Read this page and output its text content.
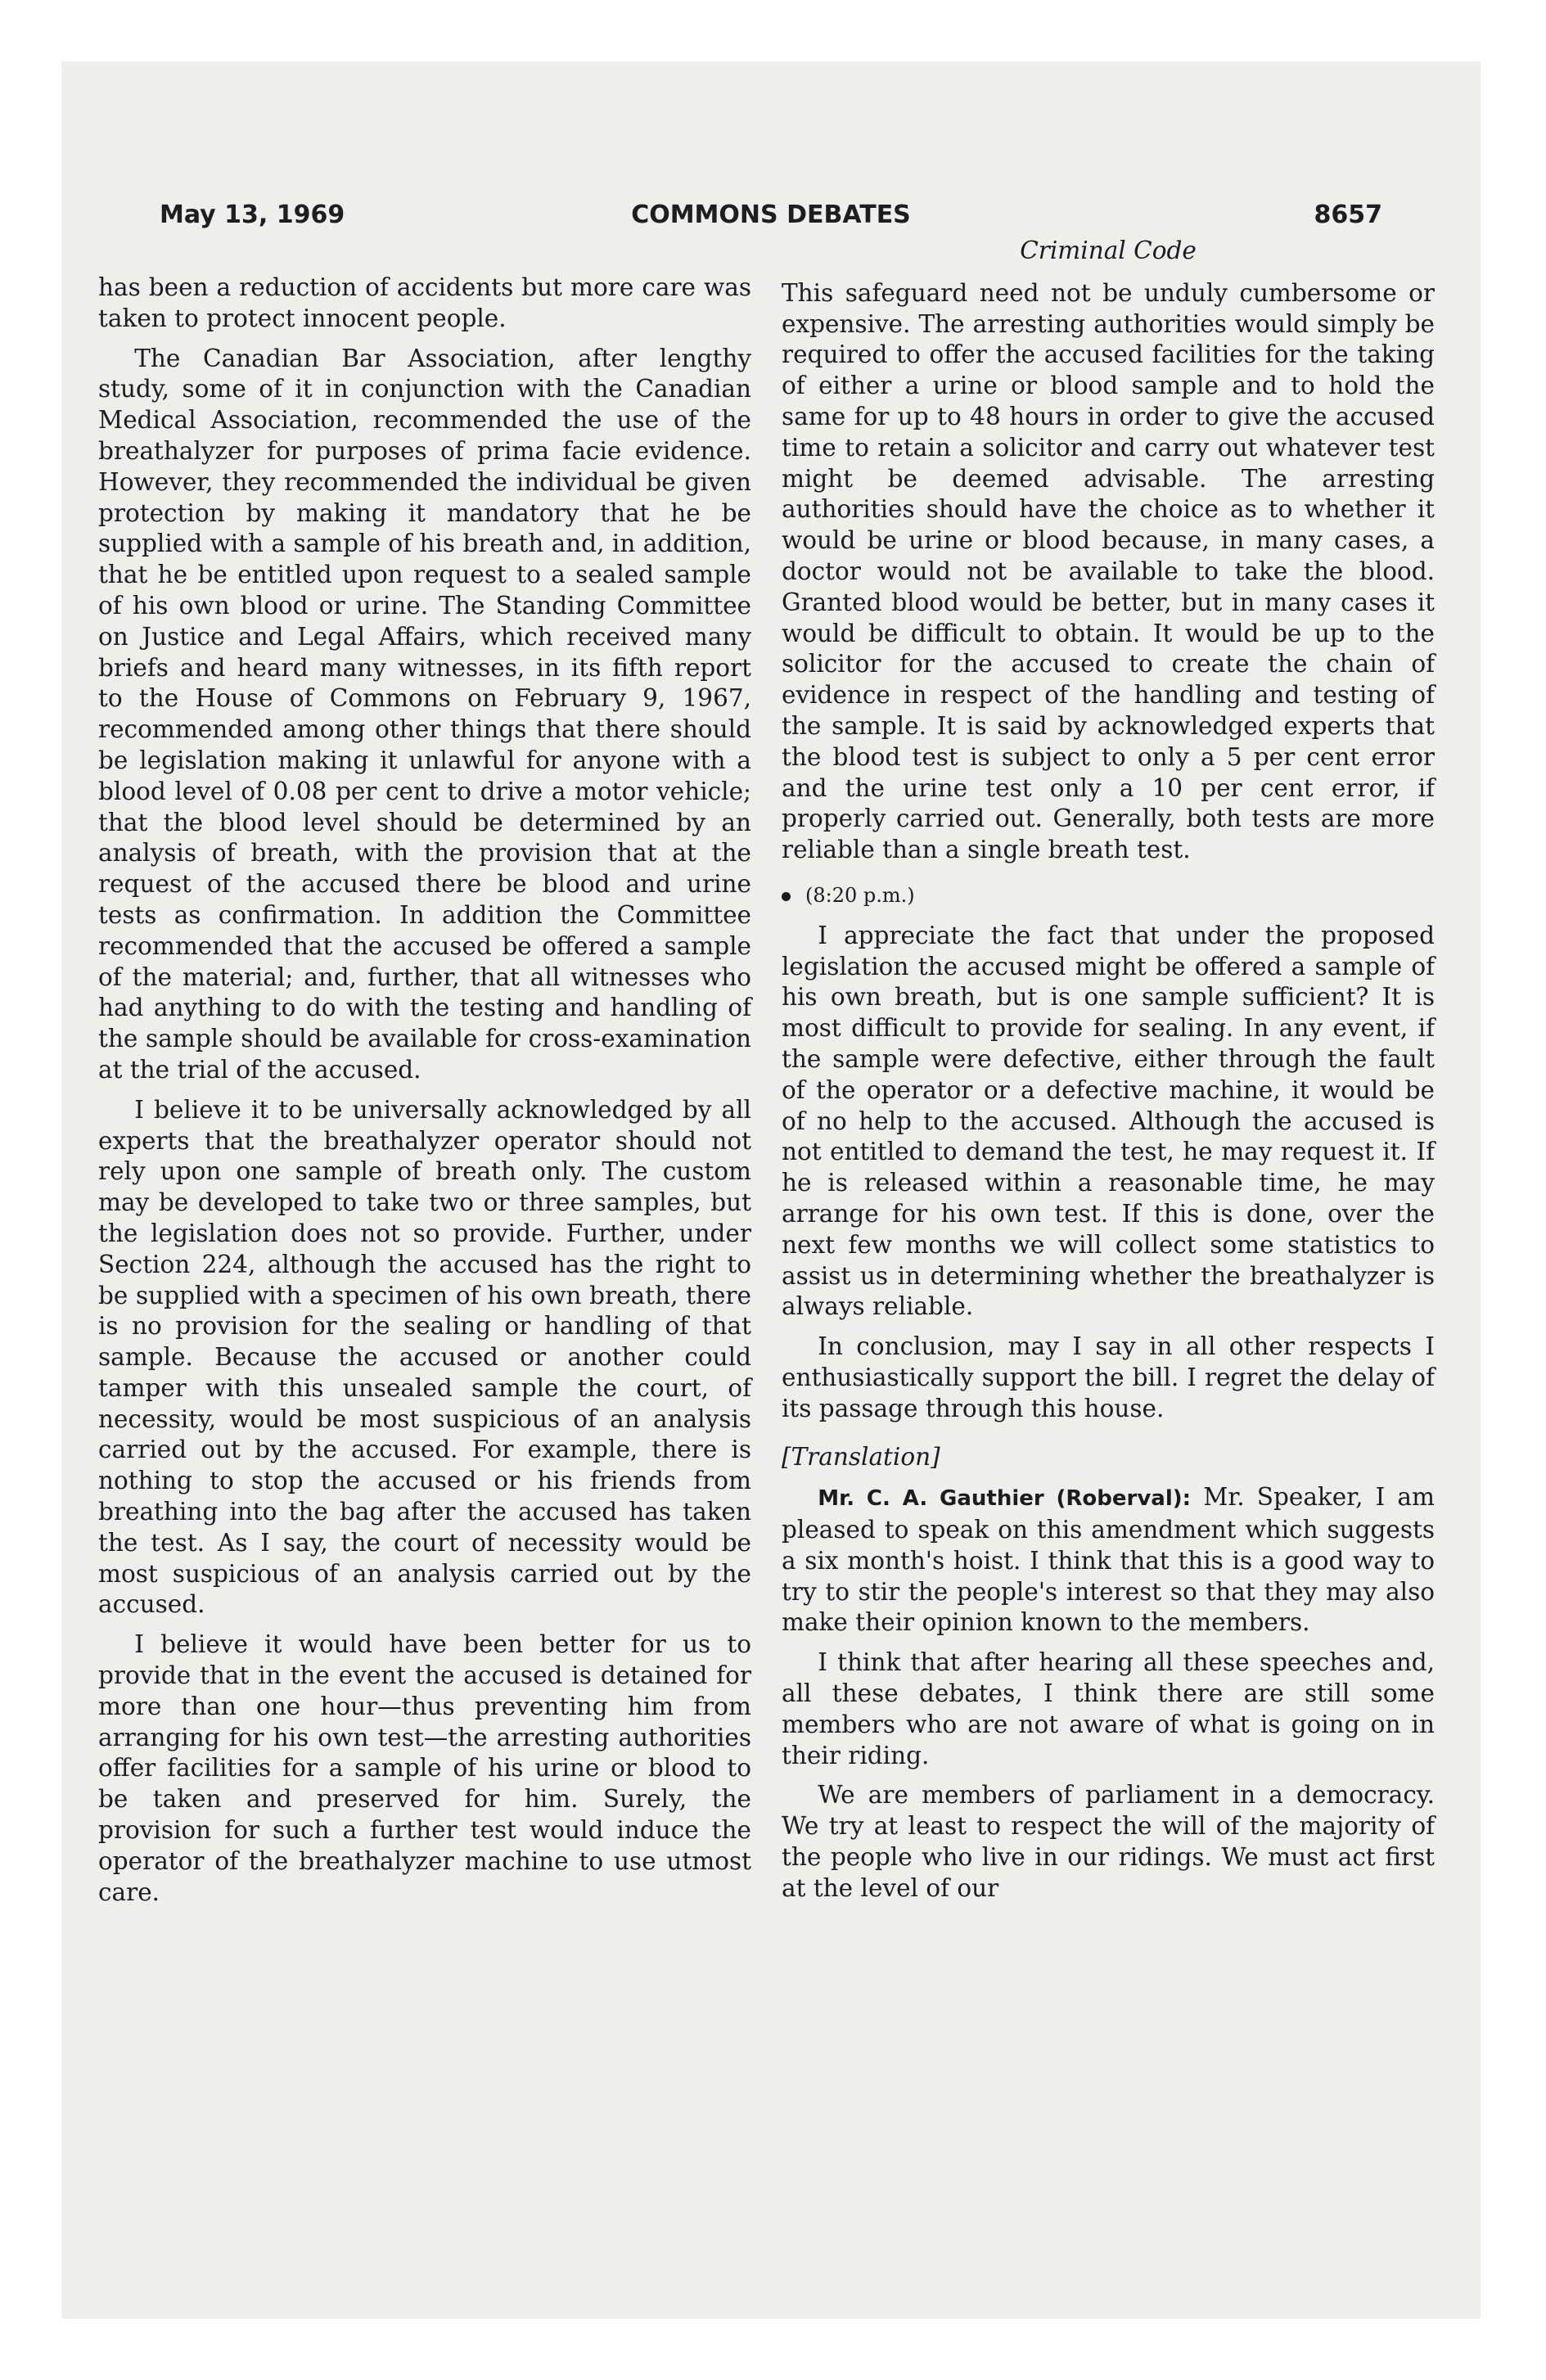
May 13, 1969	COMMONS DEBATES	8657

has been a reduction of accidents but more care was taken to protect innocent people.

The Canadian Bar Association, after lengthy study, some of it in conjunction with the Canadian Medical Association, recommended the use of the breathalyzer for purposes of prima facie evidence. However, they recommended the individual be given protection by making it mandatory that he be supplied with a sample of his breath and, in addition, that he be entitled upon request to a sealed sample of his own blood or urine. The Standing Committee on Justice and Legal Affairs, which received many briefs and heard many witnesses, in its fifth report to the House of Commons on February 9, 1967, recommended among other things that there should be legislation making it unlawful for anyone with a blood level of 0.08 per cent to drive a motor vehicle; that the blood level should be determined by an analysis of breath, with the provision that at the request of the accused there be blood and urine tests as confirmation. In addition the Committee recommended that the accused be offered a sample of the material; and, further, that all witnesses who had anything to do with the testing and handling of the sample should be available for cross-examination at the trial of the accused.

I believe it to be universally acknowledged by all experts that the breathalyzer operator should not rely upon one sample of breath only. The custom may be developed to take two or three samples, but the legislation does not so provide. Further, under Section 224, although the accused has the right to be supplied with a specimen of his own breath, there is no provision for the sealing or handling of that sample. Because the accused or another could tamper with this unsealed sample the court, of necessity, would be most suspicious of an analysis carried out by the accused. For example, there is nothing to stop the accused or his friends from breathing into the bag after the accused has taken the test. As I say, the court of necessity would be most suspicious of an analysis carried out by the accused.

I believe it would have been better for us to provide that in the event the accused is detained for more than one hour—thus preventing him from arranging for his own test—the arresting authorities offer facilities for a sample of his urine or blood to be taken and preserved for him. Surely, the provision for such a further test would induce the operator of the breathalyzer machine to use utmost care.

Criminal Code

This safeguard need not be unduly cumbersome or expensive. The arresting authorities would simply be required to offer the accused facilities for the taking of either a urine or blood sample and to hold the same for up to 48 hours in order to give the accused time to retain a solicitor and carry out whatever test might be deemed advisable. The arresting authorities should have the choice as to whether it would be urine or blood because, in many cases, a doctor would not be available to take the blood. Granted blood would be better, but in many cases it would be difficult to obtain. It would be up to the solicitor for the accused to create the chain of evidence in respect of the handling and testing of the sample. It is said by acknowledged experts that the blood test is subject to only a 5 per cent error and the urine test only a 10 per cent error, if properly carried out. Generally, both tests are more reliable than a single breath test.

(8:20 p.m.)

I appreciate the fact that under the proposed legislation the accused might be offered a sample of his own breath, but is one sample sufficient? It is most difficult to provide for sealing. In any event, if the sample were defective, either through the fault of the operator or a defective machine, it would be of no help to the accused. Although the accused is not entitled to demand the test, he may request it. If he is released within a reasonable time, he may arrange for his own test. If this is done, over the next few months we will collect some statistics to assist us in determining whether the breathalyzer is always reliable.

In conclusion, may I say in all other respects I enthusiastically support the bill. I regret the delay of its passage through this house.

[Translation]

Mr. C. A. Gauthier (Roberval): Mr. Speaker, I am pleased to speak on this amendment which suggests a six month's hoist. I think that this is a good way to try to stir the people's interest so that they may also make their opinion known to the members.

I think that after hearing all these speeches and, all these debates, I think there are still some members who are not aware of what is going on in their riding.

We are members of parliament in a democracy. We try at least to respect the will of the majority of the people who live in our ridings. We must act first at the level of our
